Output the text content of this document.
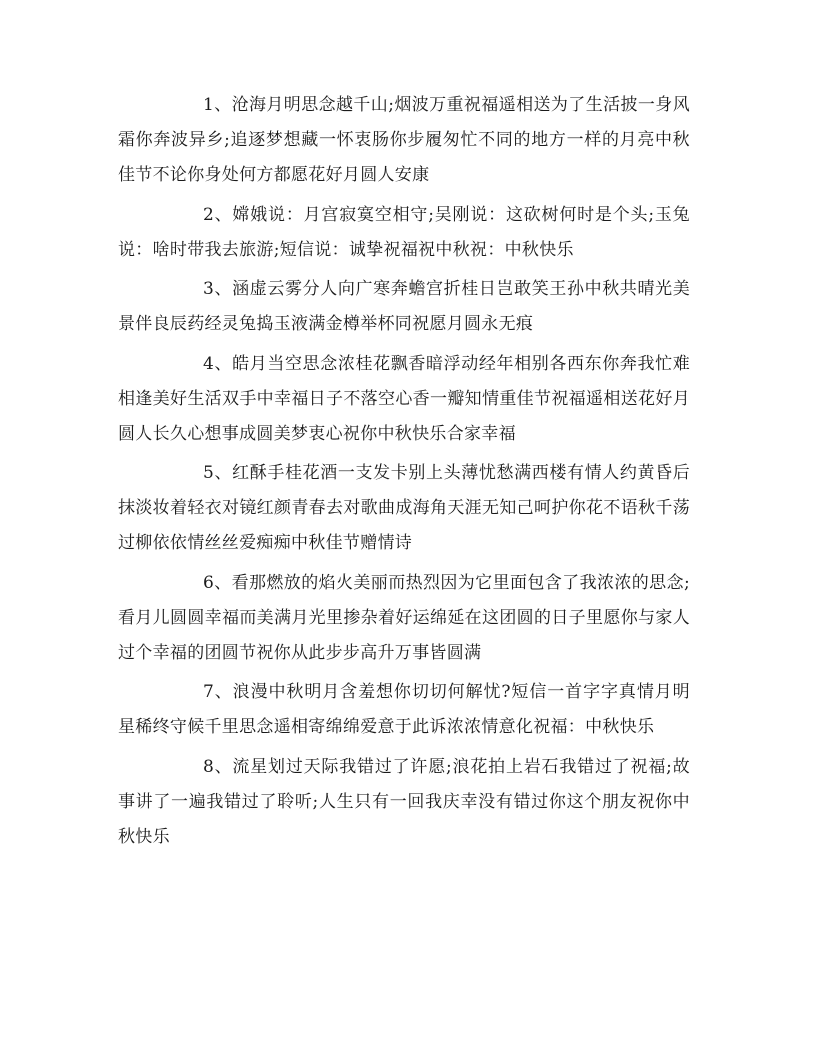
1、沧海月明思念越千山;烟波万重祝福遥相送为了生活披一身风霜你奔波异乡;追逐梦想藏一怀衷肠你步履匆忙不同的地方一样的月亮中秋佳节不论你身处何方都愿花好月圆人安康

2、嫦娥说：月宫寂寞空相守;吴刚说：这砍树何时是个头;玉兔说：啥时带我去旅游;短信说：诚挚祝福祝中秋祝：中秋快乐

3、涵虚云雾分人向广寒奔蟾宫折桂日岂敢笑王孙中秋共晴光美景伴良辰药经灵兔捣玉液满金樽举杯同祝愿月圆永无痕

4、皓月当空思念浓桂花飘香暗浮动经年相别各西东你奔我忙难相逢美好生活双手中幸福日子不落空心香一瓣知情重佳节祝福遥相送花好月圆人长久心想事成圆美梦衷心祝你中秋快乐合家幸福

5、红酥手桂花酒一支发卡别上头薄忧愁满西楼有情人约黄昏后抹淡妆着轻衣对镜红颜青春去对歌曲成海角天涯无知己呵护你花不语秋千荡过柳依依情丝丝爱痴痴中秋佳节赠情诗

6、看那燃放的焰火美丽而热烈因为它里面包含了我浓浓的思念;看月儿圆圆幸福而美满月光里掺杂着好运绵延在这团圆的日子里愿你与家人过个幸福的团圆节祝你从此步步高升万事皆圆满

7、浪漫中秋明月含羞想你切切何解忧?短信一首字字真情月明星稀终守候千里思念遥相寄绵绵爱意于此诉浓浓情意化祝福：中秋快乐

8、流星划过天际我错过了许愿;浪花拍上岩石我错过了祝福;故事讲了一遍我错过了聆听;人生只有一回我庆幸没有错过你这个朋友祝你中秋快乐
